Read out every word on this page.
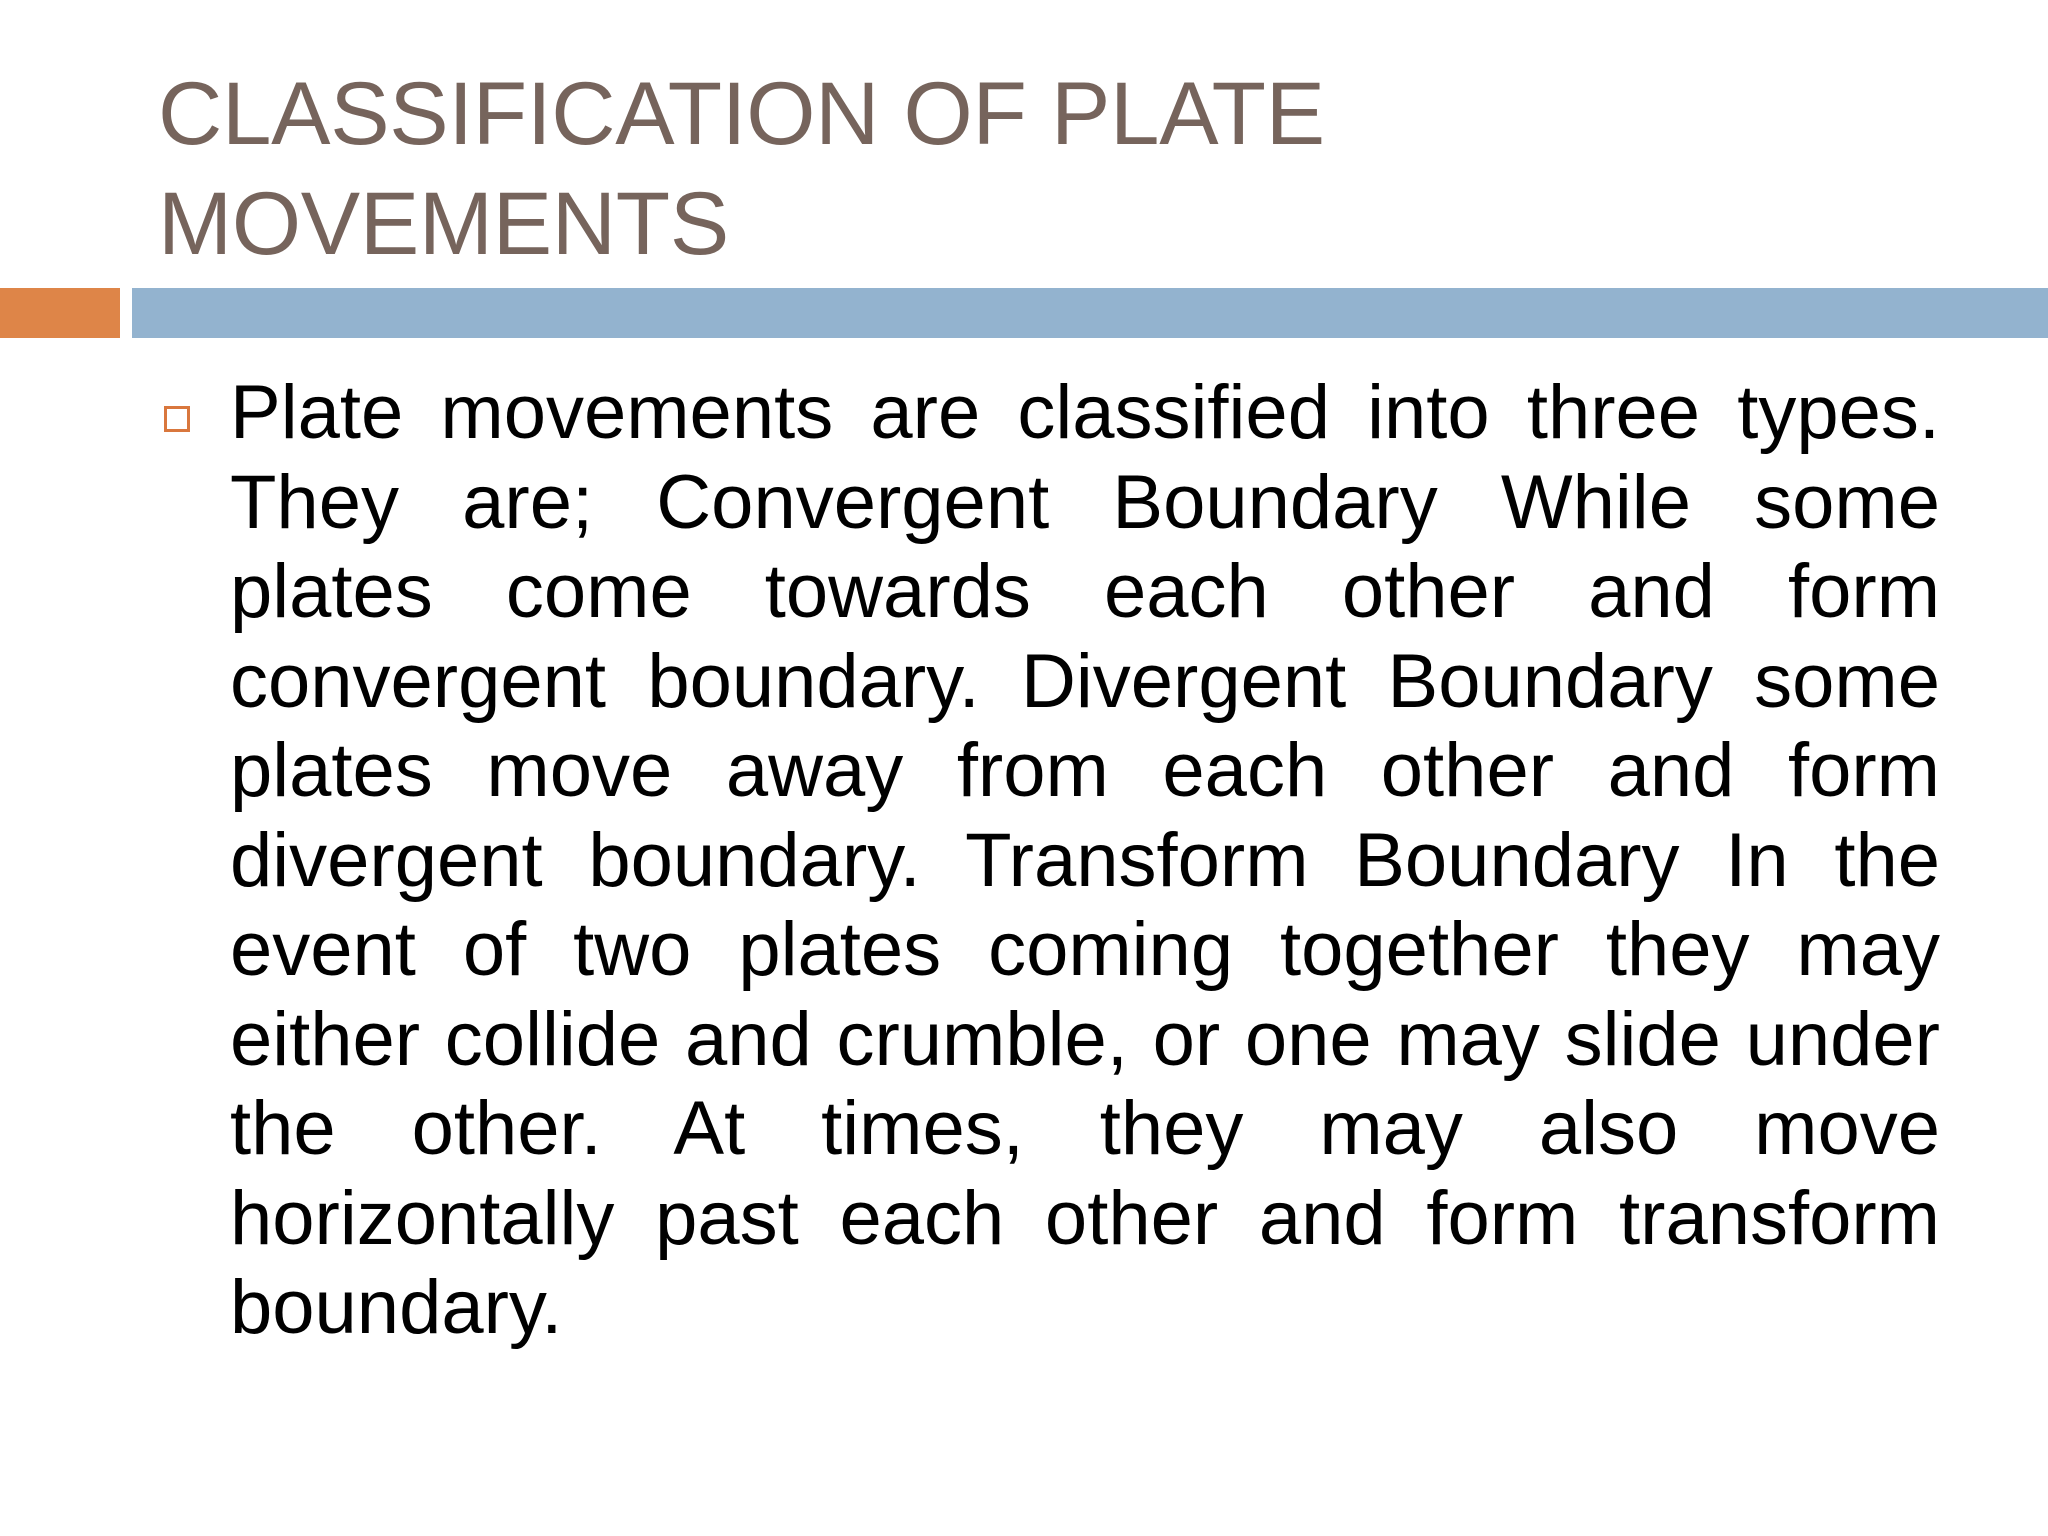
CLASSIFICATION OF PLATE MOVEMENTS

Plate movements are classified into three types. They are; Convergent Boundary While some plates come towards each other and form convergent boundary. Divergent Boundary some plates move away from each other and form divergent boundary. Transform Boundary In the event of two plates coming together they may either collide and crumble, or one may slide under the other. At times, they may also move horizontally past each other and form transform boundary.
